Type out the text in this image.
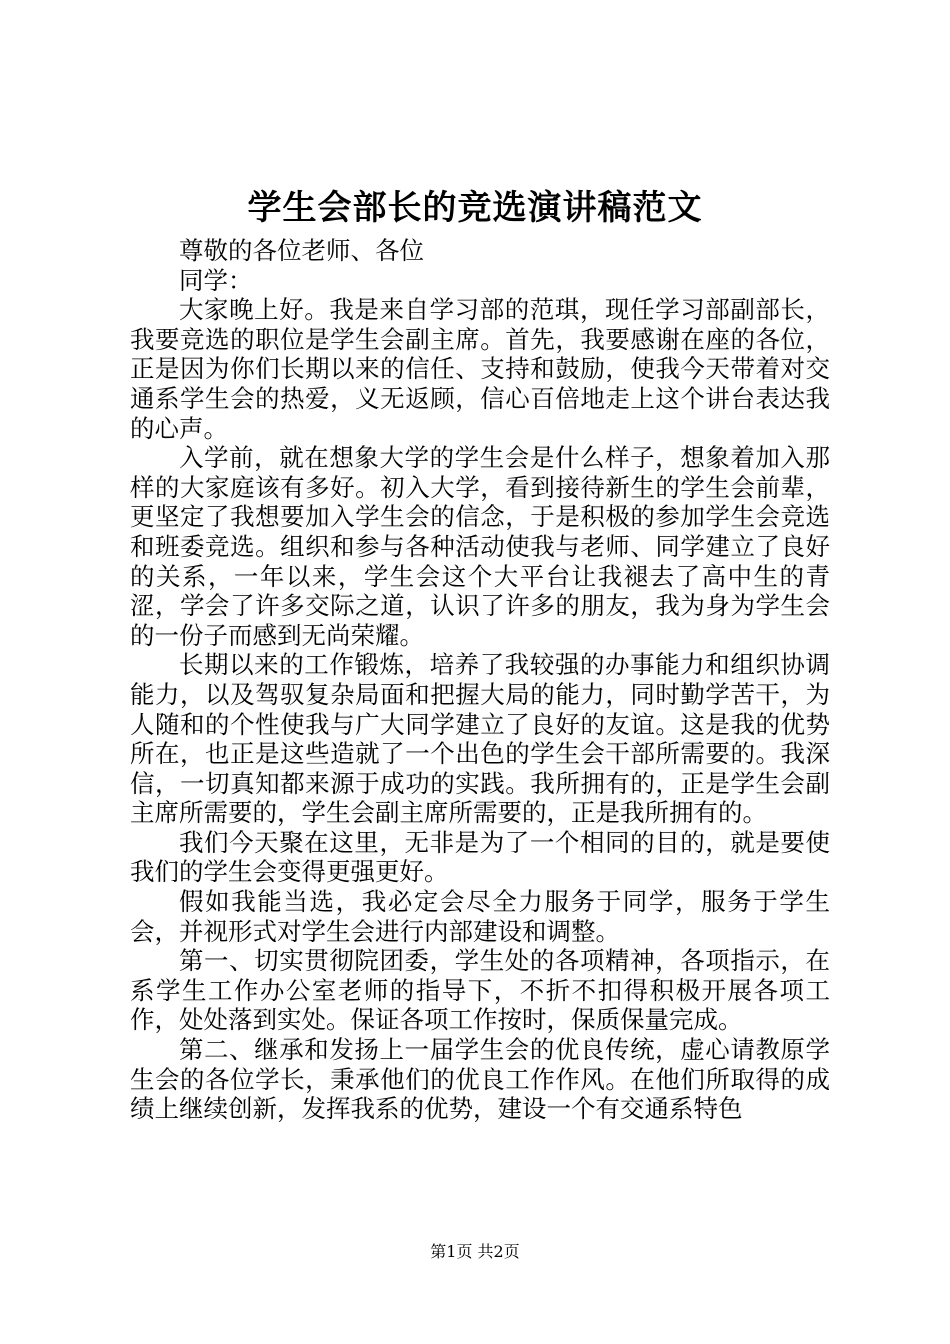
学生会部长的竞选演讲稿范文

尊敬的各位老师、各位

同学：

大家晚上好。我是来自学习部的范琪，现任学习部副部长，我要竞选的职位是学生会副主席。首先，我要感谢在座的各位，正是因为你们长期以来的信任、支持和鼓励，使我今天带着对交通系学生会的热爱，义无返顾，信心百倍地走上这个讲台表达我的心声。

入学前，就在想象大学的学生会是什么样子，想象着加入那样的大家庭该有多好。初入大学，看到接待新生的学生会前辈，更坚定了我想要加入学生会的信念，于是积极的参加学生会竞选和班委竞选。组织和参与各种活动使我与老师、同学建立了良好的关系，一年以来，学生会这个大平台让我褪去了高中生的青涩，学会了许多交际之道，认识了许多的朋友，我为身为学生会的一份子而感到无尚荣耀。

长期以来的工作锻炼，培养了我较强的办事能力和组织协调能力，以及驾驭复杂局面和把握大局的能力，同时勤学苦干，为人随和的个性使我与广大同学建立了良好的友谊。这是我的优势所在，也正是这些造就了一个出色的学生会干部所需要的。我深信，一切真知都来源于成功的实践。我所拥有的，正是学生会副主席所需要的，学生会副主席所需要的，正是我所拥有的。

我们今天聚在这里，无非是为了一个相同的目的，就是要使我们的学生会变得更强更好。

假如我能当选，我必定会尽全力服务于同学，服务于学生会，并视形式对学生会进行内部建设和调整。

第一、切实贯彻院团委，学生处的各项精神，各项指示，在系学生工作办公室老师的指导下，不折不扣得积极开展各项工作，处处落到实处。保证各项工作按时，保质保量完成。

第二、继承和发扬上一届学生会的优良传统，虚心请教原学生会的各位学长，秉承他们的优良工作作风。在他们所取得的成绩上继续创新，发挥我系的优势，建设一个有交通系特色

第1页 共2页
